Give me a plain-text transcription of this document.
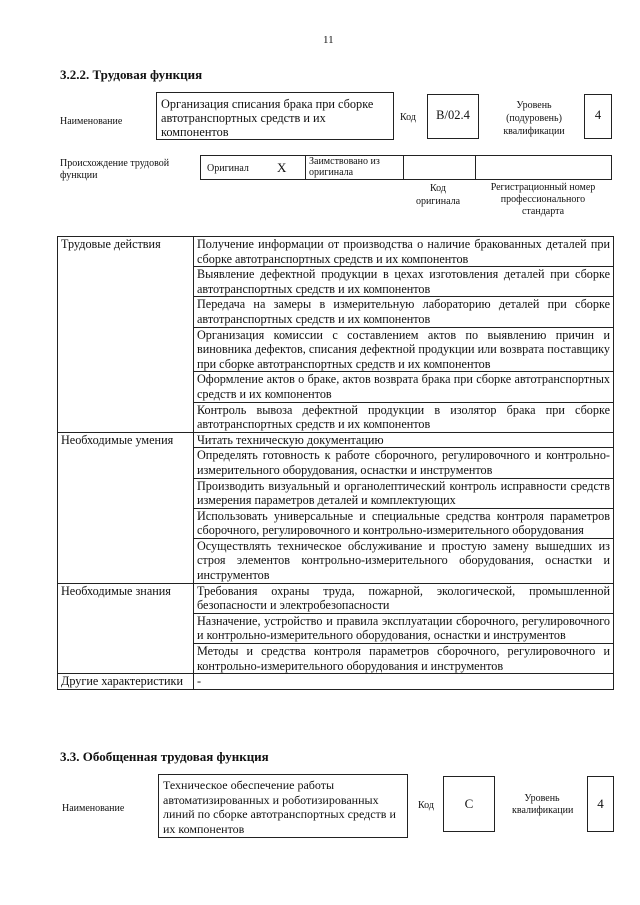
11
3.2.2. Трудовая функция
Наименование
Организация списания брака при сборке автотранспортных средств и их компонентов
Код	B/02.4
Уровень (подуровень) квалификации
4
Происхождение трудовой функции
Оригинал X Заимствовано из оригинала
Код оригинала
Регистрационный номер профессионального стандарта
Трудовые действия	Получение информации от производства о наличие бракованных деталей при сборке автотранспортных средств и их компонентов
	Выявление дефектной продукции в цехах изготовления деталей при сборке автотранспортных средств и их компонентов
	Передача на замеры в измерительную лабораторию деталей при сборке автотранспортных средств и их компонентов
	Организация комиссии с составлением актов по выявлению причин и виновника дефектов, списания дефектной продукции или возврата поставщику при сборке автотранспортных средств и их компонентов
	Оформление актов о браке, актов возврата брака при сборке автотранспортных средств и их компонентов
	Контроль вывоза дефектной продукции в изолятор брака при сборке автотранспортных средств и их компонентов
Необходимые умения	Читать техническую документацию
	Определять готовность к работе сборочного, регулировочного и контрольно-измерительного оборудования, оснастки и инструментов
	Производить визуальный и органолептический контроль исправности средств измерения параметров деталей и комплектующих
	Использовать универсальные и специальные средства контроля параметров сборочного, регулировочного и контрольно-измерительного оборудования
	Осуществлять техническое обслуживание и простую замену вышедших из строя элементов контрольно-измерительного оборудования, оснастки и инструментов
Необходимые знания	Требования охраны труда, пожарной, экологической, промышленной безопасности и электробезопасности
	Назначение, устройство и правила эксплуатации сборочного, регулировочного и контрольно-измерительного оборудования, оснастки и инструментов
	Методы и средства контроля параметров сборочного, регулировочного и контрольно-измерительного оборудования и инструментов
Другие характеристики	-
3.3. Обобщенная трудовая функция
Наименование
Техническое обеспечение работы автоматизированных и роботизированных линий по сборке автотранспортных средств и их компонентов
Код	C	Уровень квалификации	4
